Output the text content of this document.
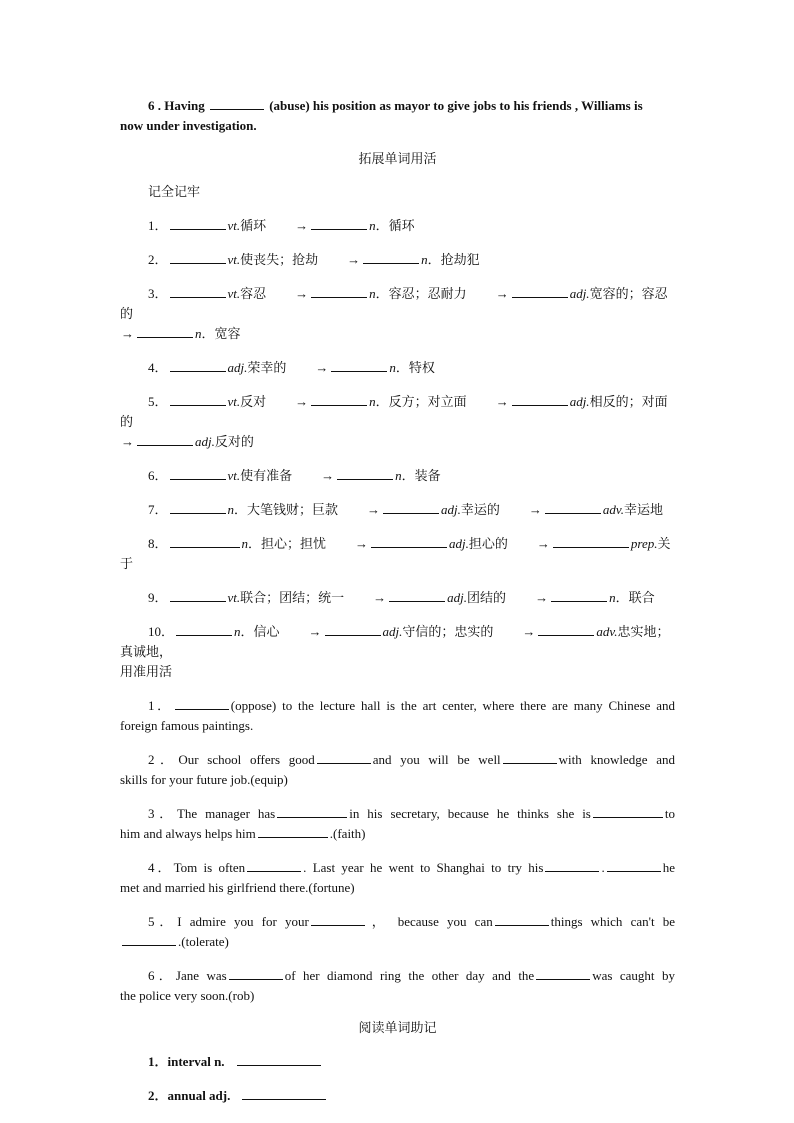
6 . Having	(abuse) his position as mayor to give jobs to his friends , Williams is
now under investigation.
拓展单词用活
记全记牢
1．	vt.循环 →	n．循环
2．	vt.使丧失；抢劫 →	n．抢劫犯
3．	vt.容忍 →	n．容忍；忍耐力 →	adj.宽容的；容忍的
→	n．宽容
4．	adj.荣幸的 →	n．特权
5．	vt.反对 →	n．反方；对立面 →	adj.相反的；对面的
→	adj.反对的
6．	vt.使有准备 →	n．装备
7．	n．大笔钱财；巨款 →	adj.幸运的 →	adv.幸运地
8．	n．担心；担忧 →	adj.担心的 →	prep.关于
9．	vt.联合；团结；统一 →	adj.团结的 →	n．联合
10．	n．信心 →	adj.守信的；忠实的 →	adv.忠实地；真诚地，
用准用活
1．	(oppose) to the lecture hall is the art center, where there are many Chinese and
foreign famous paintings.
2．Our school offers good	and you will be well	with knowledge and
skills for your future job.(equip)
3．The manager has	in his secretary, because he thinks she is	to
him and always helps him	.(faith)
4．Tom is often	. Last year he went to Shanghai to try his	.	he
met and married his girlfriend there.(fortune)
5．I admire you for your	， because you can	things which can't be
.(tolerate)
6．Jane was	of her diamond ring the other day and the	was caught by
the police very soon.(rob)
阅读单词助记
1．interval n.
2．annual adj.
